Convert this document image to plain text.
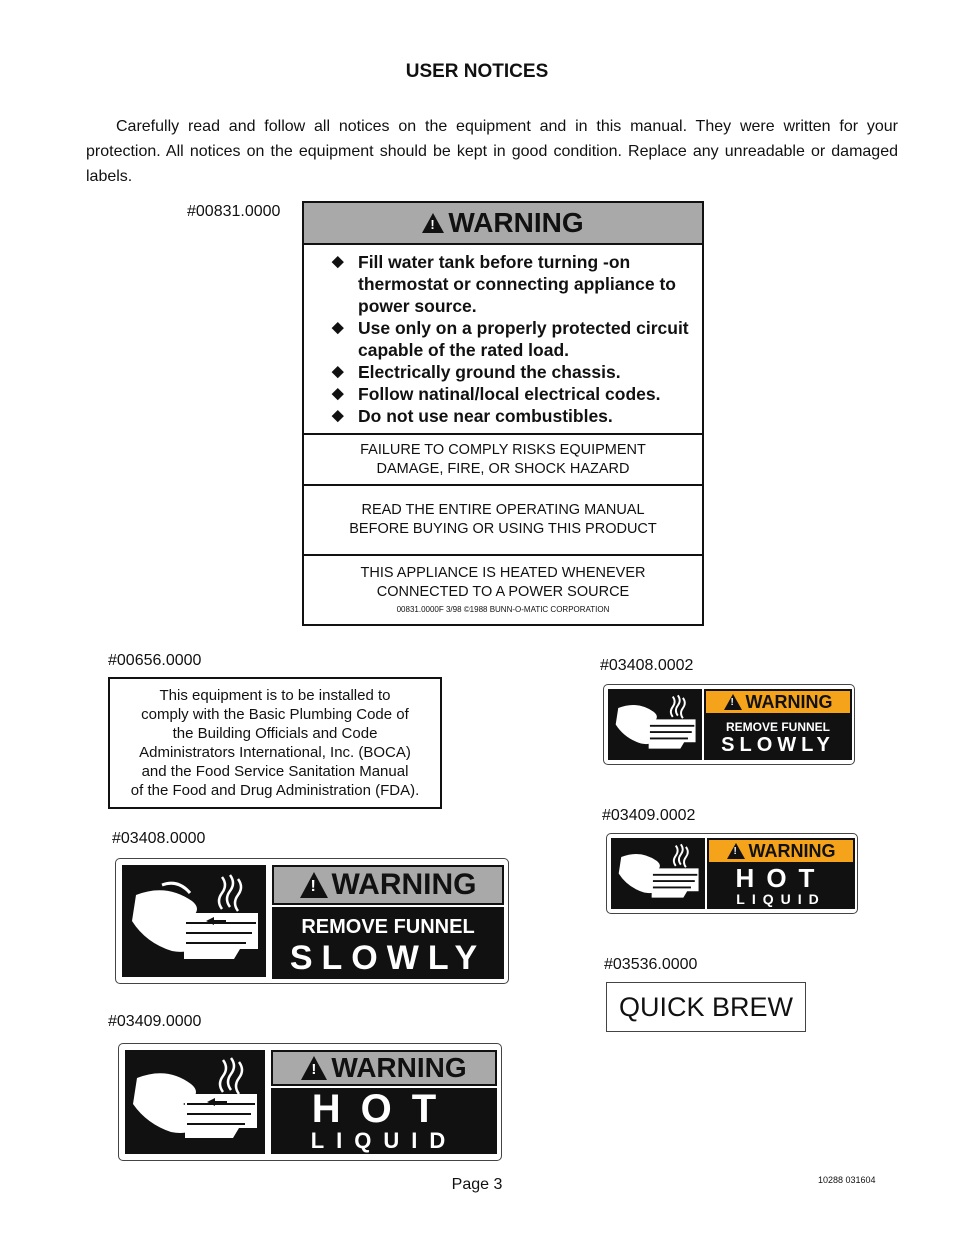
USER NOTICES

Carefully read and follow all notices on the equipment and in this manual. They were written for your protection. All notices on the equipment should be kept in good condition. Replace any unreadable or damaged labels.

#00831.0000
! WARNING
◆ Fill water tank before turning -on thermostat or connecting appliance to power source.
◆ Use only on a properly protected circuit capable of the rated load.
◆ Electrically ground the chassis.
◆ Follow natinal/local electrical codes.
◆ Do not use near combustibles.
FAILURE TO COMPLY RISKS EQUIPMENT
DAMAGE, FIRE, OR SHOCK HAZARD
READ THE ENTIRE OPERATING MANUAL
BEFORE BUYING OR USING THIS PRODUCT
THIS APPLIANCE IS HEATED WHENEVER
CONNECTED TO A POWER SOURCE
00831.0000F 3/98 ©1988 BUNN-O-MATIC CORPORATION
#00656.0000
This equipment is to be installed to
comply with the Basic Plumbing Code of
the Building Officials and Code
Administrators International, Inc. (BOCA)
and the Food Service Sanitation Manual
of the Food and Drug Administration (FDA).
#03408.0000
! WARNING
REMOVE FUNNEL
SLOWLY
#03409.0000
! WARNING
HOT
LIQUID
#03408.0002
! WARNING
REMOVE FUNNEL
SLOWLY
#03409.0002
! WARNING
HOT
LIQUID
#03536.0000
QUICK BREW
Page 3	10288 031604
